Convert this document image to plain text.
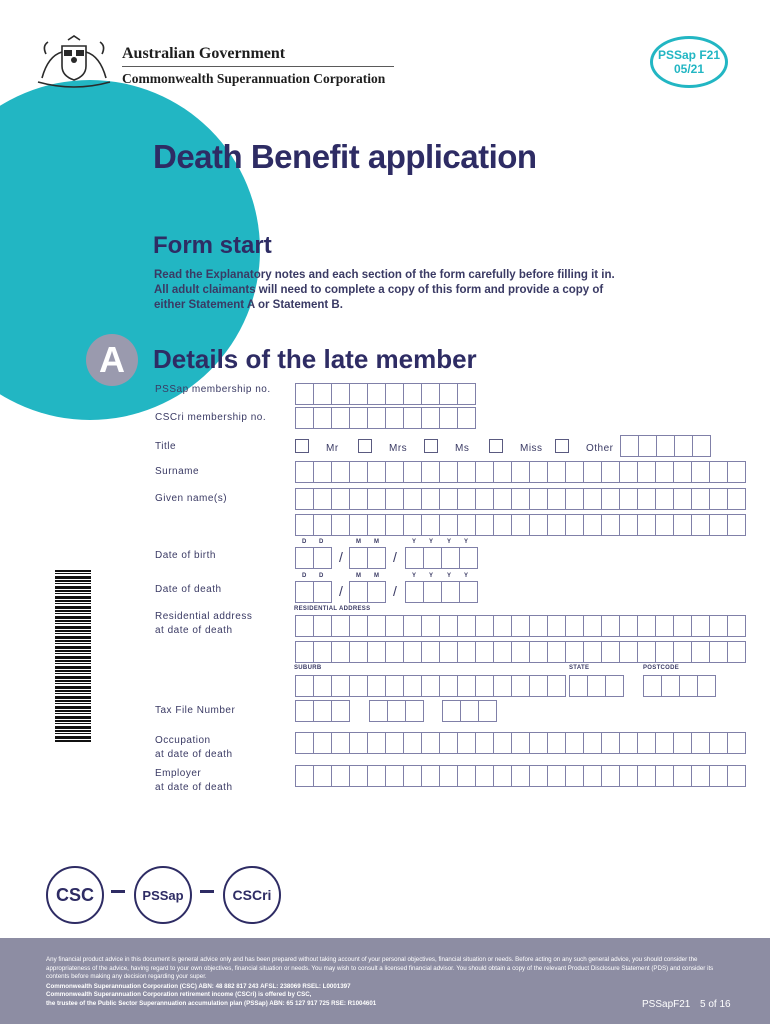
Australian Government
Commonwealth Superannuation Corporation
PSSap F21
05/21
Death Benefit application
Form start
Read the Explanatory notes and each section of the form carefully before filling it in. All adult claimants will need to complete a copy of this form and provide a copy of either Statement A or Statement B.
A	Details of the late member
PSSap membership no.
CSCri membership no.
Title	Mr	Mrs	Ms	Miss	Other
Surname
Given name(s)
D D	M M	Y Y Y Y
Date of birth	/	/
D D	M M	Y Y Y Y
Date of death	/	/
Residential address
at date of death
RESIDENTIAL ADDRESS
SUBURB	STATE	POSTCODE
Tax File Number
Occupation
at date of death
Employer
at date of death
CSC	PSSap	CSCri
Any financial product advice in this document is general advice only and has been prepared without taking account of your personal objectives, financial situation or needs. Before acting on any such general advice, you should consider the appropriateness of the advice, having regard to your own objectives, financial situation or needs. You may wish to consult a licensed financial advisor. You should obtain a copy of the relevant Product Disclosure Statement (PDS) and consider its contents before making any decision regarding your super.
Commonwealth Superannuation Corporation (CSC) ABN: 48 882 817 243 AFSL: 238069 RSEL: L0001397
Commonwealth Superannuation Corporation retirement income (CSCri) is offered by CSC,
the trustee of the Public Sector Superannuation accumulation plan (PSSap) ABN: 65 127 917 725 RSE: R1004601	PSSapF21 5 of 16
